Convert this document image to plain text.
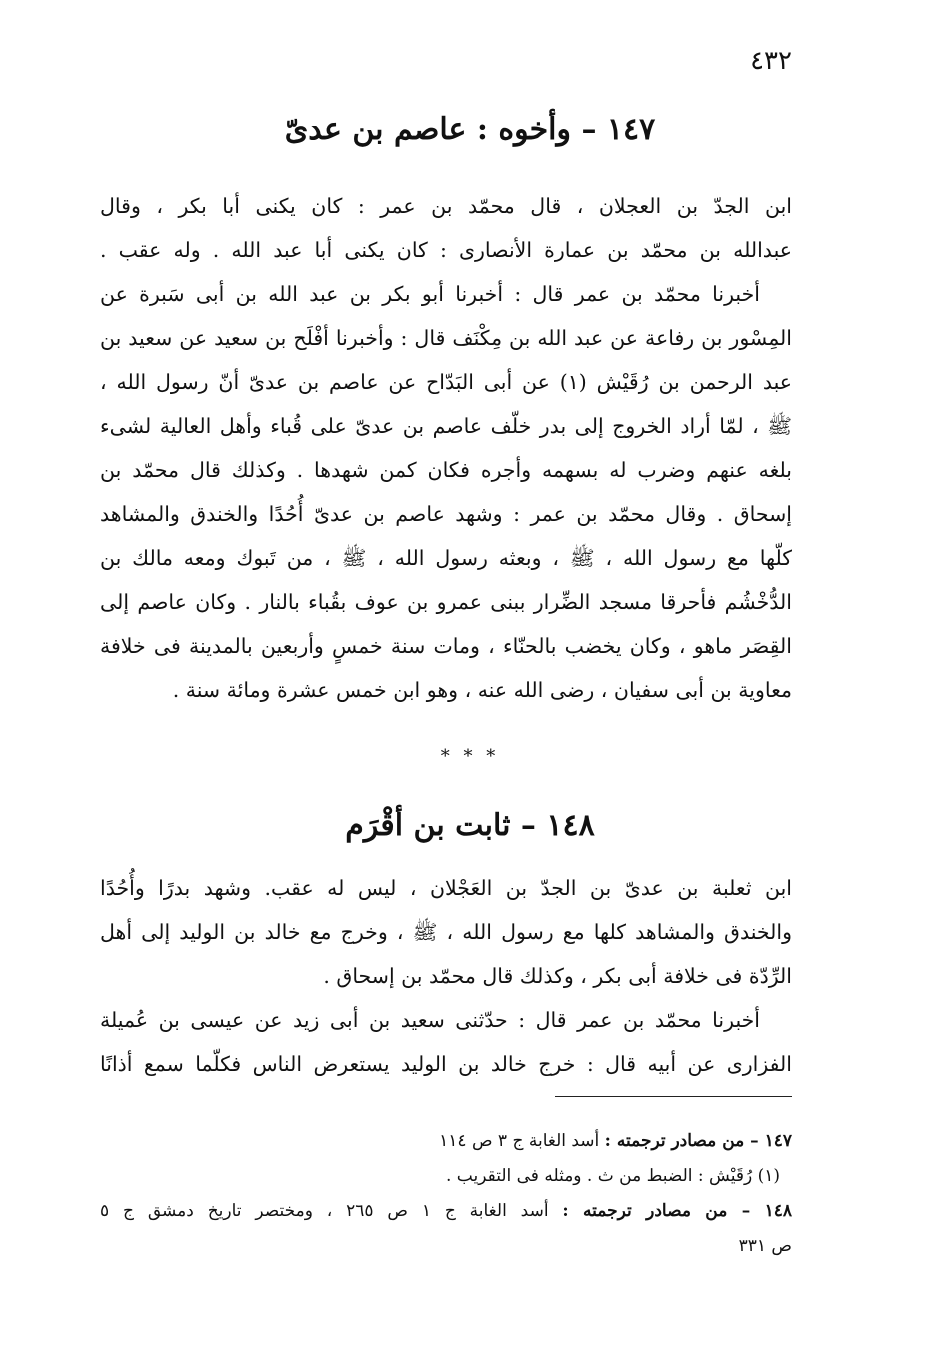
٤٣٢
١٤٧ – وأخوه : عاصم بن عدىّ
ابن الجدّ بن العجلان ، قال محمّد بن عمر : كان يكنى أبا بكر ، وقال
عبدالله بن محمّد بن عمارة الأنصارى : كان يكنى أبا عبد الله . وله عقب .
أخبرنا محمّد بن عمر قال : أخبرنا أبو بكر بن عبد الله بن أبى سَبرة عن
المِسْور بن رفاعة عن عبد الله بن مِكْنَف قال : وأخبرنا أفْلَح بن سعيد عن سعيد بن
عبد الرحمن بن رُقَيْش (١) عن أبى البَدّاح عن عاصم بن عدىّ أنّ رسول الله ،
ﷺ ، لمّا أراد الخروج إلى بدر خلّف عاصم بن عدىّ على قُباء وأهل العالية لشىء
بلغه عنهم وضرب له بسهمه وأجره فكان كمن شهدها . وكذلك قال محمّد بن
إسحاق . وقال محمّد بن عمر : وشهد عاصم بن عدىّ أُحُدًا والخندق والمشاهد
كلّها مع رسول الله ، ﷺ ، وبعثه رسول الله ، ﷺ ، من تَبوك ومعه مالك بن
الدُّخْشُم فأحرقا مسجد الضِّرار ببنى عمرو بن عوف بقُباء بالنار . وكان عاصم إلى
القِصَر ماهو ، وكان يخضب بالحنّاء ، ومات سنة خمسٍ وأربعين بالمدينة فى خلافة
معاوية بن أبى سفيان ، رضى الله عنه ، وهو ابن خمس عشرة ومائة سنة .
* * *
١٤٨ – ثابت بن أقْرَم
ابن ثعلبة بن عدىّ بن الجدّ بن العَجْلان ، ليس له عقب. وشهد بدرًا وأُحُدًا
والخندق والمشاهد كلها مع رسول الله ، ﷺ ، وخرج مع خالد بن الوليد إلى أهل
الرِّدّة فى خلافة أبى بكر ، وكذلك قال محمّد بن إسحاق .
أخبرنا محمّد بن عمر قال : حدّثنى سعيد بن أبى زيد عن عيسى بن عُميلة
الفزارى عن أبيه قال : خرج خالد بن الوليد يستعرض الناس فكلّما سمع أذانًا
١٤٧ – من مصادر ترجمته : أسد الغابة ج ٣ ص ١١٤
(١) رُقَيْش : الضبط من ث . ومثله فى التقريب .
١٤٨ – من مصادر ترجمته : أسد الغابة ج ١ ص ٢٦٥ ، ومختصر تاريخ دمشق ج ٥
ص ٣٣١
